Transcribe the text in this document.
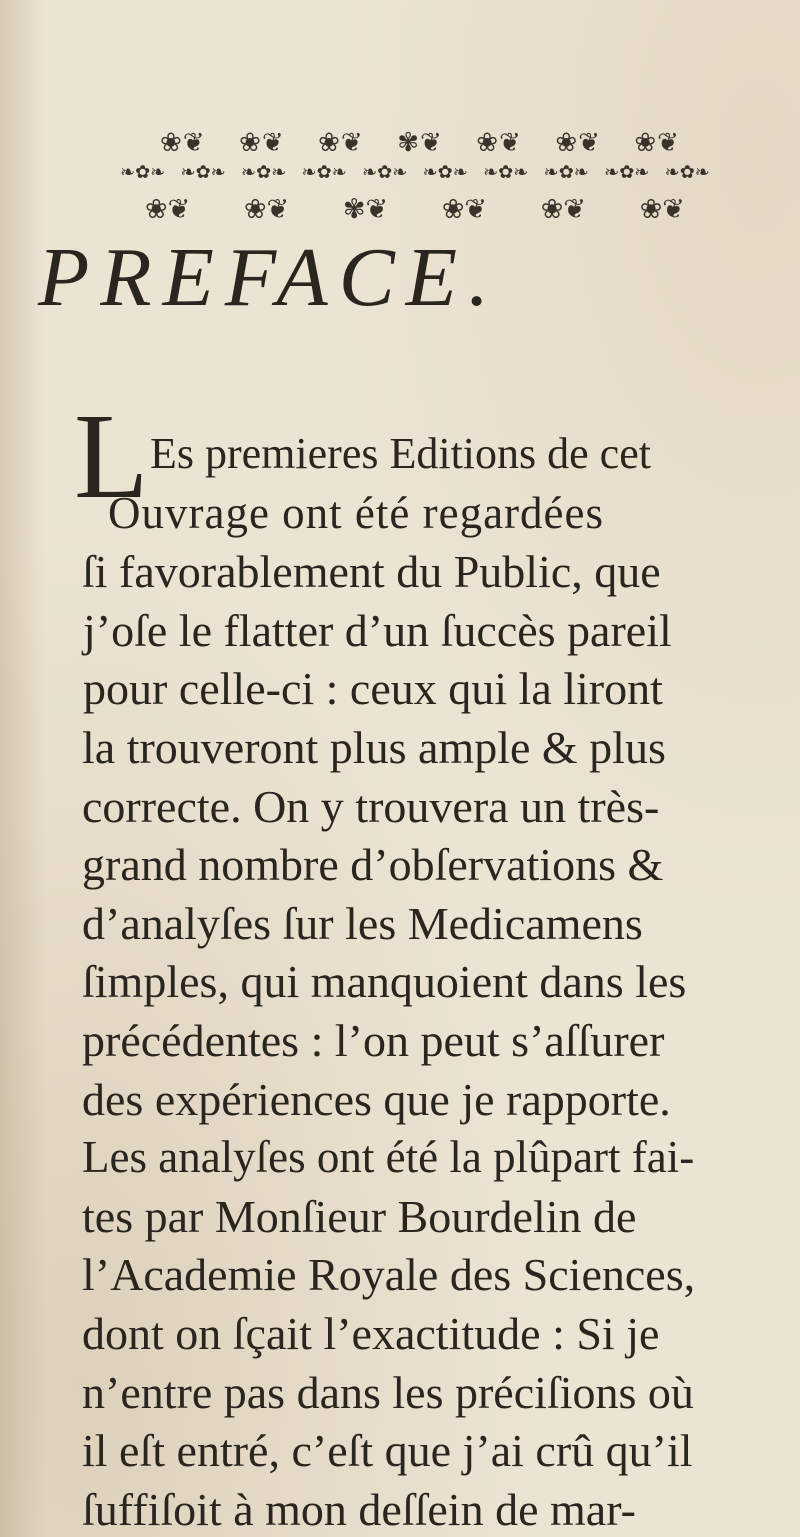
❀❦ ❀❦ ❀❦ ✾❦ ❀❦ ❀❦ ❀❦
❧✿❧ ❧✿❧ ❧✿❧ ❧✿❧ ❧✿❧ ❧✿❧ ❧✿❧ ❧✿❧ ❧✿❧ ❧✿❧
❀❦ ❀❦ ✾❦ ❀❦ ❀❦ ❀❦
PREFACE.
L Es premieres Editions de cet
Ouvrage ont été regardées
ſi favorablement du Public, que
j’oſe le flatter d’un ſuccès pareil
pour celle-ci : ceux qui la liront
la trouveront plus ample & plus
correcte. On y trouvera un très-
grand nombre d’obſervations &
d’analyſes ſur les Medicamens
ſimples, qui manquoient dans les
précédentes : l’on peut s’aſſurer
des expériences que je rapporte.
Les analyſes ont été la plûpart fai-
tes par Monſieur Bourdelin de
l’Academie Royale des Sciences,
dont on ſçait l’exactitude : Si je
n’entre pas dans les préciſions où
il eſt entré, c’eſt que j’ai crû qu’il
ſuffiſoit à mon deſſein de mar-
